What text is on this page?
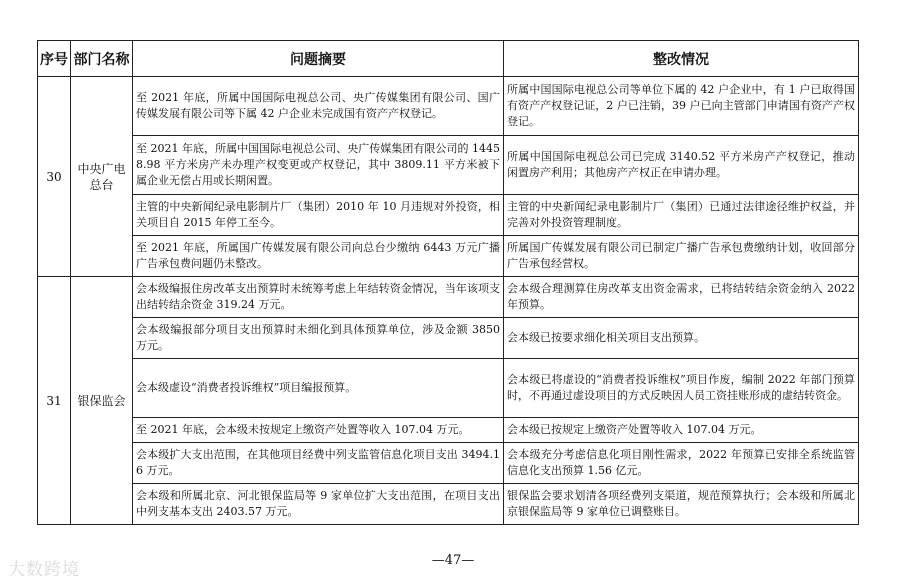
序号	部门名称	问题摘要	整改情况
30	中央广电总台	至 2021 年底，所属中国国际电视总公司、央广传媒集团有限公司、国广传媒发展有限公司等下属 42 户企业未完成国有资产产权登记。	所属中国国际电视总公司等单位下属的 42 户企业中，有 1 户已取得国有资产产权登记证，2 户已注销，39 户已向主管部门申请国有资产产权登记。
		至 2021 年底，所属中国国际电视总公司、央广传媒集团有限公司的 14458.98 平方米房产未办理产权变更或产权登记，其中 3809.11 平方米被下属企业无偿占用或长期闲置。	所属中国国际电视总公司已完成 3140.52 平方米房产产权登记，推动闲置房产利用；其他房产产权正在申请办理。
		主管的中央新闻纪录电影制片厂（集团）2010 年 10 月违规对外投资，相关项目自 2015 年停工至今。	主管的中央新闻纪录电影制片厂（集团）已通过法律途径维护权益，并完善对外投资管理制度。
		至 2021 年底，所属国广传媒发展有限公司向总台少缴纳 6443 万元广播广告承包费问题仍未整改。	所属国广传媒发展有限公司已制定广播广告承包费缴纳计划，收回部分广告承包经营权。
31	银保监会	会本级编报住房改革支出预算时未统筹考虑上年结转资金情况，当年该项支出结转结余资金 319.24 万元。	会本级合理测算住房改革支出资金需求，已将结转结余资金纳入 2022 年预算。
		会本级编报部分项目支出预算时未细化到具体预算单位，涉及金额 3850 万元。	会本级已按要求细化相关项目支出预算。
		会本级虚设“消费者投诉维权”项目编报预算。	会本级已将虚设的“消费者投诉维权”项目作废，编制 2022 年部门预算时，不再通过虚设项目的方式反映因人员工资挂账形成的虚结转资金。
		至 2021 年底，会本级未按规定上缴资产处置等收入 107.04 万元。	会本级已按规定上缴资产处置等收入 107.04 万元。
		会本级扩大支出范围，在其他项目经费中列支监管信息化项目支出 3494.16 万元。	会本级充分考虑信息化项目刚性需求，2022 年预算已安排全系统监管信息化支出预算 1.56 亿元。
		会本级和所属北京、河北银保监局等 9 家单位扩大支出范围，在项目支出中列支基本支出 2403.57 万元。	银保监会要求划清各项经费列支渠道，规范预算执行；会本级和所属北京银保监局等 9 家单位已调整账目。
—47—
大数跨境
